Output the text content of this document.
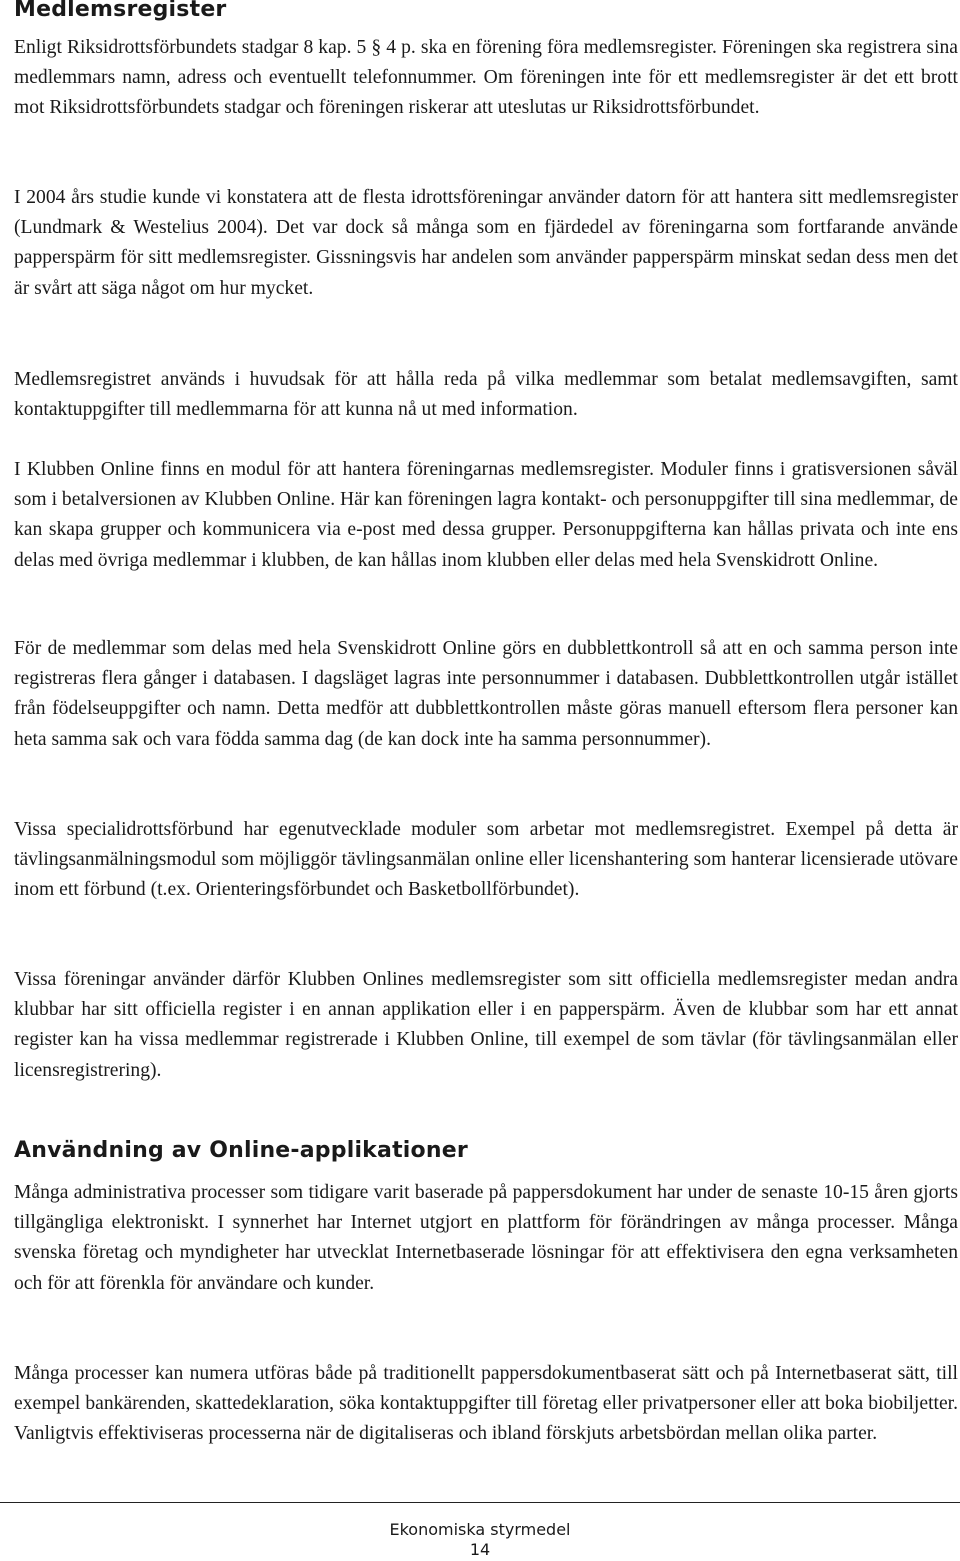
Medlemsregister

Enligt Riksidrottsförbundets stadgar 8 kap. 5 § 4 p. ska en förening föra medlemsregister. Föreningen ska registrera sina medlemmars namn, adress och eventuellt telefonnummer. Om föreningen inte för ett medlemsregister är det ett brott mot Riksidrottsförbundets stadgar och föreningen riskerar att uteslutas ur Riksidrottsförbundet.

I 2004 års studie kunde vi konstatera att de flesta idrottsföreningar använder datorn för att hantera sitt medlemsregister (Lundmark & Westelius 2004). Det var dock så många som en fjärdedel av föreningarna som fortfarande använde papperspärm för sitt medlemsregister. Gissningsvis har andelen som använder papperspärm minskat sedan dess men det är svårt att säga något om hur mycket.

Medlemsregistret används i huvudsak för att hålla reda på vilka medlemmar som betalat medlemsavgiften, samt kontaktuppgifter till medlemmarna för att kunna nå ut med information.

I Klubben Online finns en modul för att hantera föreningarnas medlemsregister. Moduler finns i gratisversionen såväl som i betalversionen av Klubben Online. Här kan föreningen lagra kontakt- och personuppgifter till sina medlemmar, de kan skapa grupper och kommunicera via e-post med dessa grupper. Personuppgifterna kan hållas privata och inte ens delas med övriga medlemmar i klubben, de kan hållas inom klubben eller delas med hela Svenskidrott Online.

För de medlemmar som delas med hela Svenskidrott Online görs en dubblettkontroll så att en och samma person inte registreras flera gånger i databasen. I dagsläget lagras inte personnummer i databasen. Dubblettkontrollen utgår istället från födelseuppgifter och namn. Detta medför att dubblettkontrollen måste göras manuell eftersom flera personer kan heta samma sak och vara födda samma dag (de kan dock inte ha samma personnummer).

Vissa specialidrottsförbund har egenutvecklade moduler som arbetar mot medlemsregistret. Exempel på detta är tävlingsanmälningsmodul som möjliggör tävlingsanmälan online eller licenshantering som hanterar licensierade utövare inom ett förbund (t.ex. Orienteringsförbundet och Basketbollförbundet).

Vissa föreningar använder därför Klubben Onlines medlemsregister som sitt officiella medlemsregister medan andra klubbar har sitt officiella register i en annan applikation eller i en papperspärm. Även de klubbar som har ett annat register kan ha vissa medlemmar registrerade i Klubben Online, till exempel de som tävlar (för tävlingsanmälan eller licensregistrering).

Användning av Online-applikationer

Många administrativa processer som tidigare varit baserade på pappersdokument har under de senaste 10-15 åren gjorts tillgängliga elektroniskt. I synnerhet har Internet utgjort en plattform för förändringen av många processer. Många svenska företag och myndigheter har utvecklat Internetbaserade lösningar för att effektivisera den egna verksamheten och för att förenkla för användare och kunder.

Många processer kan numera utföras både på traditionellt pappersdokumentbaserat sätt och på Internetbaserat sätt, till exempel bankärenden, skattedeklaration, söka kontaktuppgifter till företag eller privatpersoner eller att boka biobiljetter. Vanligtvis effektiviseras processerna när de digitaliseras och ibland förskjuts arbetsbördan mellan olika parter.

Ekonomiska styrmedel
14
